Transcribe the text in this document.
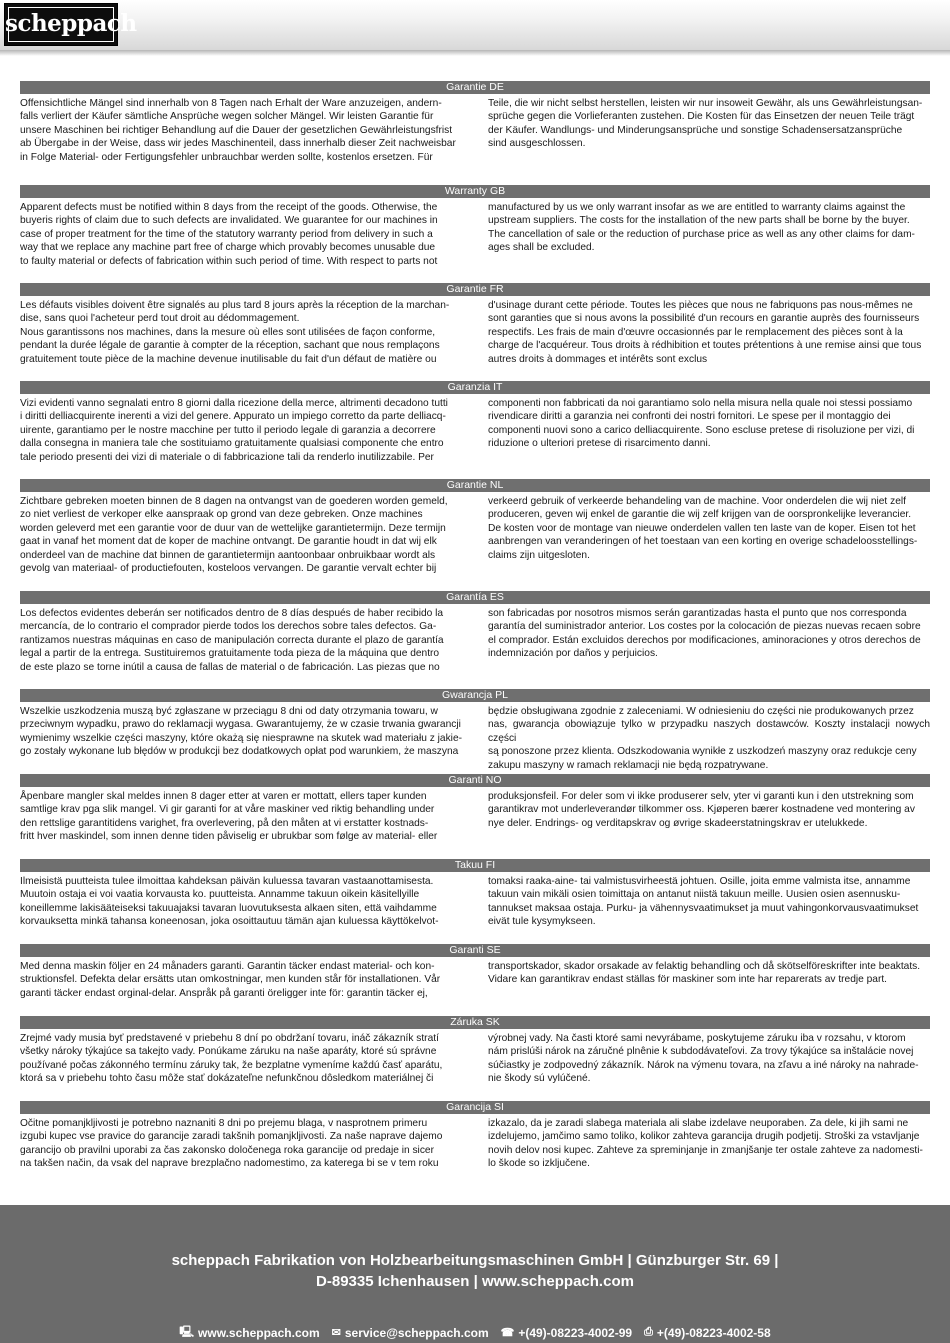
scheppach
Garantie DE
Offensichtliche Mängel sind innerhalb von 8 Tagen nach Erhalt der Ware anzuzeigen, andern-
falls verliert der Käufer sämtliche Ansprüche wegen solcher Mängel. Wir leisten Garantie für
unsere Maschinen bei richtiger Behandlung auf die Dauer der gesetzlichen Gewährleistungsfrist
ab Übergabe in der Weise, dass wir jedes Maschinenteil, dass innerhalb dieser Zeit nachweisbar
in Folge Material- oder Fertigungsfehler unbrauchbar werden sollte, kostenlos ersetzen. Für
Teile, die wir nicht selbst herstellen, leisten wir nur insoweit Gewähr, als uns Gewährleistungsan-
sprüche gegen die Vorlieferanten zustehen. Die Kosten für das Einsetzen der neuen Teile trägt
der Käufer. Wandlungs- und Minderungsansprüche und sonstige Schadensersatzansprüche
sind ausgeschlossen.
Warranty GB
Apparent defects must be notified within 8 days from the receipt of the goods. Otherwise, the
buyeris rights of claim due to such defects are invalidated. We guarantee for our machines in
case of proper treatment for the time of the statutory warranty period from delivery in such a
way that we replace any machine part free of charge which provably becomes unusable due
to faulty material or defects of fabrication within such period of time. With respect to parts not
manufactured by us we only warrant insofar as we are entitled to warranty claims against the
upstream suppliers. The costs for the installation of the new parts shall be borne by the buyer.
The cancellation of sale or the reduction of purchase price as well as any other claims for dam-
ages shall be excluded.
Garantie FR
Les défauts visibles doivent être signalés au plus tard 8 jours après la réception de la marchan-
dise, sans quoi l'acheteur perd tout droit au dédommagement.
Nous garantissons nos machines, dans la mesure où elles sont utilisées de façon conforme,
pendant la durée légale de garantie à compter de la réception, sachant que nous remplaçons
gratuitement toute pièce de la machine devenue inutilisable du fait d'un défaut de matière ou
d'usinage durant cette période. Toutes les pièces que nous ne fabriquons pas nous-mêmes ne
sont garanties que si nous avons la possibilité d'un recours en garantie auprès des fournisseurs
respectifs. Les frais de main d'œuvre occasionnés par le remplacement des pièces sont à la
charge de l'acquéreur. Tous droits à rédhibition et toutes prétentions à une remise ainsi que tous
autres droits à dommages et intérêts sont exclus
Garanzia IT
Vizi evidenti vanno segnalati entro 8 giorni dalla ricezione della merce, altrimenti decadono tutti
i diritti delliacquirente inerenti a vizi del genere. Appurato un impiego corretto da parte delliacq-
uirente, garantiamo per le nostre macchine per tutto il periodo legale di garanzia a decorrere
dalla consegna in maniera tale che sostituiamo gratuitamente qualsiasi componente che entro
tale periodo presenti dei vizi di materiale o di fabbricazione tali da renderlo inutilizzabile. Per
componenti non fabbricati da noi garantiamo solo nella misura nella quale noi stessi possiamo
rivendicare diritti a garanzia nei confronti dei nostri fornitori. Le spese per il montaggio dei
componenti nuovi sono a carico delliacquirente. Sono escluse pretese di risoluzione per vizi, di
riduzione o ulteriori pretese di risarcimento danni.
Garantie NL
Zichtbare gebreken moeten binnen de 8 dagen na ontvangst van de goederen worden gemeld,
zo niet verliest de verkoper elke aanspraak op grond van deze gebreken. Onze machines
worden geleverd met een garantie voor de duur van de wettelijke garantietermijn. Deze termijn
gaat in vanaf het moment dat de koper de machine ontvangt. De garantie houdt in dat wij elk
onderdeel van de machine dat binnen de garantietermijn aantoonbaar onbruikbaar wordt als
gevolg van materiaal- of productiefouten, kosteloos vervangen. De garantie vervalt echter bij
verkeerd gebruik of verkeerde behandeling van de machine. Voor onderdelen die wij niet zelf
produceren, geven wij enkel de garantie die wij zelf krijgen van de oorspronkelijke leverancier.
De kosten voor de montage van nieuwe onderdelen vallen ten laste van de koper. Eisen tot het
aanbrengen van veranderingen of het toestaan van een korting en overige schadeloosstellings-
claims zijn uitgesloten.
Garantía ES
Los defectos evidentes deberán ser notificados dentro de 8 días después de haber recibido la
mercancía, de lo contrario el comprador pierde todos los derechos sobre tales defectos. Ga-
rantizamos nuestras máquinas en caso de manipulación correcta durante el plazo de garantía
legal a partir de la entrega. Sustituiremos gratuitamente toda pieza de la máquina que dentro
de este plazo se torne inútil a causa de fallas de material o de fabricación. Las piezas que no
son fabricadas por nosotros mismos serán garantizadas hasta el punto que nos corresponda
garantía del suministrador anterior. Los costes por la colocación de piezas nuevas recaen sobre
el comprador. Están excluidos derechos por modificaciones, aminoraciones y otros derechos de
indemnización por daños y perjuicios.
Gwarancja PL
Wszelkie uszkodzenia muszą być zgłaszane w przeciągu 8 dni od daty otrzymania towaru, w
przeciwnym wypadku, prawo do reklamacji wygasa. Gwarantujemy, że w czasie trwania gwarancji
wymienimy wszelkie części maszyny, które okażą się niesprawne na skutek wad materiału z jakie-
go zostały wykonane lub błędów w produkcji bez dodatkowych opłat pod warunkiem, że maszyna
będzie obsługiwana zgodnie z zaleceniami. W odniesieniu do części nie produkowanych przez
nas, gwarancja obowiązuje tylko w przypadku naszych dostawców. Koszty instalacji nowych części
są ponoszone przez klienta. Odszkodowania wynikłe z uszkodzeń maszyny oraz redukcje ceny
zakupu maszyny w ramach reklamacji nie będą rozpatrywane.
Garanti NO
Åpenbare mangler skal meldes innen 8 dager etter at varen er mottatt, ellers taper kunden
samtlige krav pga slik mangel. Vi gir garanti for at våre maskiner ved riktig behandling under
den rettslige garantitidens varighet, fra overlevering, på den måten at vi erstatter kostnads-
fritt hver maskindel, som innen denne tiden påviselig er ubrukbar som følge av material- eller
produksjonsfeil. For deler som vi ikke produserer selv, yter vi garanti kun i den utstrekning som
garantikrav mot underleverandør tilkommer oss. Kjøperen bærer kostnadene ved montering av
nye deler. Endrings- og verditapskrav og øvrige skadeerstatningskrav er utelukkede.
Takuu FI
Ilmeisistä puutteista tulee ilmoittaa kahdeksan päivän kuluessa tavaran vastaanottamisesta.
Muutoin ostaja ei voi vaatia korvausta ko. puutteista. Annamme takuun oikein käsitellyille
koneillemme lakisääteiseksi takuuajaksi tavaran luovutuksesta alkaen siten, että vaihdamme
korvauksetta minkä tahansa koneenosan, joka osoittautuu tämän ajan kuluessa käyttökelvot-
tomaksi raaka-aine- tai valmistusvirheestä johtuen. Osille, joita emme valmista itse, annamme
takuun vain mikäli osien toimittaja on antanut niistä takuun meille. Uusien osien asennusku-
tannukset maksaa ostaja. Purku- ja vähennysvaatimukset ja muut vahingonkorvausvaatimukset
eivät tule kysymykseen.
Garanti SE
Med denna maskin följer en 24 månaders garanti. Garantin täcker endast material- och kon-
struktionsfel. Defekta delar ersätts utan omkostningar, men kunden står för installationen. Vår
garanti täcker endast orginal-delar. Anspråk på garanti öreligger inte för: garantin täcker ej,
transportskador, skador orsakade av felaktig behandling och då skötselföreskrifter inte beaktats.
Vidare kan garantikrav endast ställas för maskiner som inte har reparerats av tredje part.
Záruka SK
Zrejmé vady musia byť predstavené v priebehu 8 dní po obdržaní tovaru, ináč zákazník stratí
všetky nároky týkajúce sa takejto vady. Ponúkame záruku na naše aparáty, ktoré sú správne
používané počas zákonného termínu záruky tak, že bezplatne vymeníme každú časť aparátu,
ktorá sa v priebehu tohto času môže stať dokázateľne nefunkčnou dôsledkom materiálnej či
výrobnej vady. Na časti ktoré sami nevyrábame, poskytujeme záruku iba v rozsahu, v ktorom
nám prislúši nárok na záručné plnênie k subdodávateľovi. Za trovy týkajúce sa inštalácie novej
súčiastky je zodpovedný zákazník. Nárok na výmenu tovara, na zľavu a iné nároky na nahrade-
nie škody sú vylúčené.
Garancija SI
Očitne pomanjkljivosti je potrebno naznaniti 8 dni po prejemu blaga, v nasprotnem primeru
izgubi kupec vse pravice do garancije zaradi takšnih pomanjkljivosti. Za naše naprave dajemo
garancijo ob pravilni uporabi za čas zakonsko določenega roka garancije od predaje in sicer
na takšen način, da vsak del naprave brezplačno nadomestimo, za katerega bi se v tem roku
izkazalo, da je zaradi slabega materiala ali slabe izdelave neuporaben. Za dele, ki jih sami ne
izdelujemo, jamčimo samo toliko, kolikor zahteva garancija drugih podjetij. Stroški za vstavljanje
novih delov nosi kupec. Zahteve za spreminjanje in zmanjšanje ter ostale zahteve za nadomestі-
lo škode so izključene.
scheppach Fabrikation von Holzbearbeitungsmaschinen GmbH | Günzburger Str. 69 |
D-89335 Ichenhausen | www.scheppach.com
🖳 www.scheppach.com ✉ service@scheppach.com ☎ +(49)-08223-4002-99 ⎙ +(49)-08223-4002-58
